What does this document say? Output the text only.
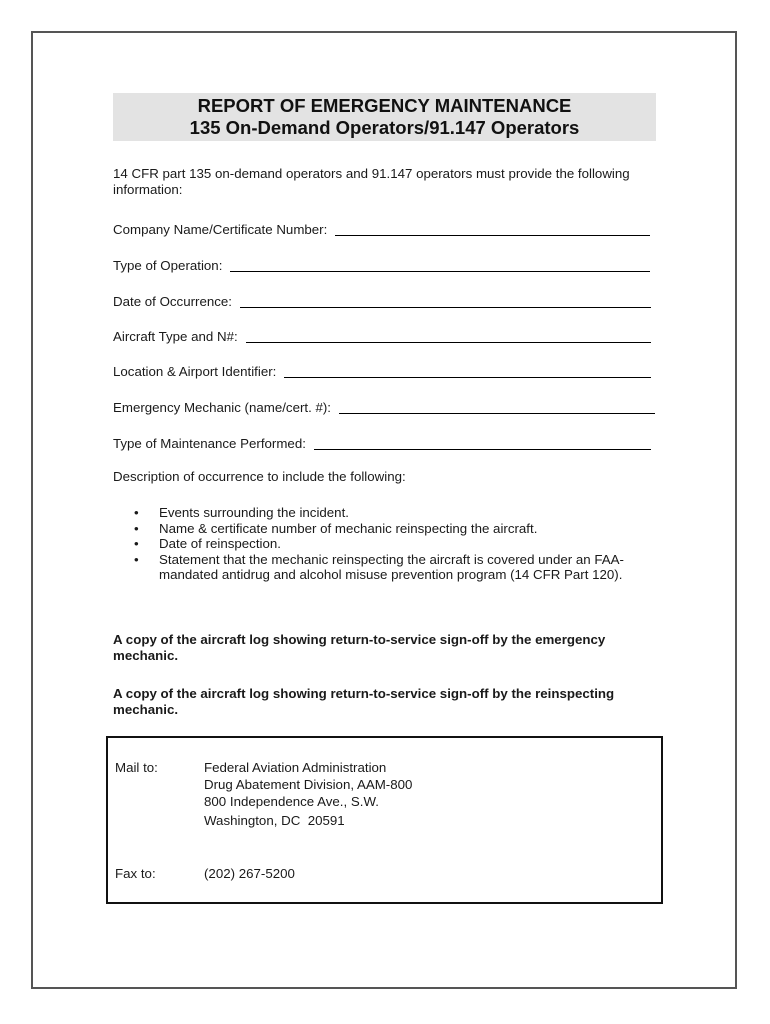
REPORT OF EMERGENCY MAINTENANCE
135 On-Demand Operators/91.147 Operators
14 CFR part 135 on-demand operators and 91.147 operators must provide the following information:
Company Name/Certificate Number:
Type of Operation:
Date of Occurrence:
Aircraft Type and N#:
Location & Airport Identifier:
Emergency Mechanic (name/cert. #):
Type of Maintenance Performed:
Description of occurrence to include the following:
• Events surrounding the incident.
• Name & certificate number of mechanic reinspecting the aircraft.
• Date of reinspection.
• Statement that the mechanic reinspecting the aircraft is covered under an FAA-mandated antidrug and alcohol misuse prevention program (14 CFR Part 120).
A copy of the aircraft log showing return-to-service sign-off by the emergency mechanic.
A copy of the aircraft log showing return-to-service sign-off by the reinspecting mechanic.
Mail to:	Federal Aviation Administration
Drug Abatement Division, AAM-800
800 Independence Ave., S.W.
Washington, DC  20591
Fax to:	(202) 267-5200
